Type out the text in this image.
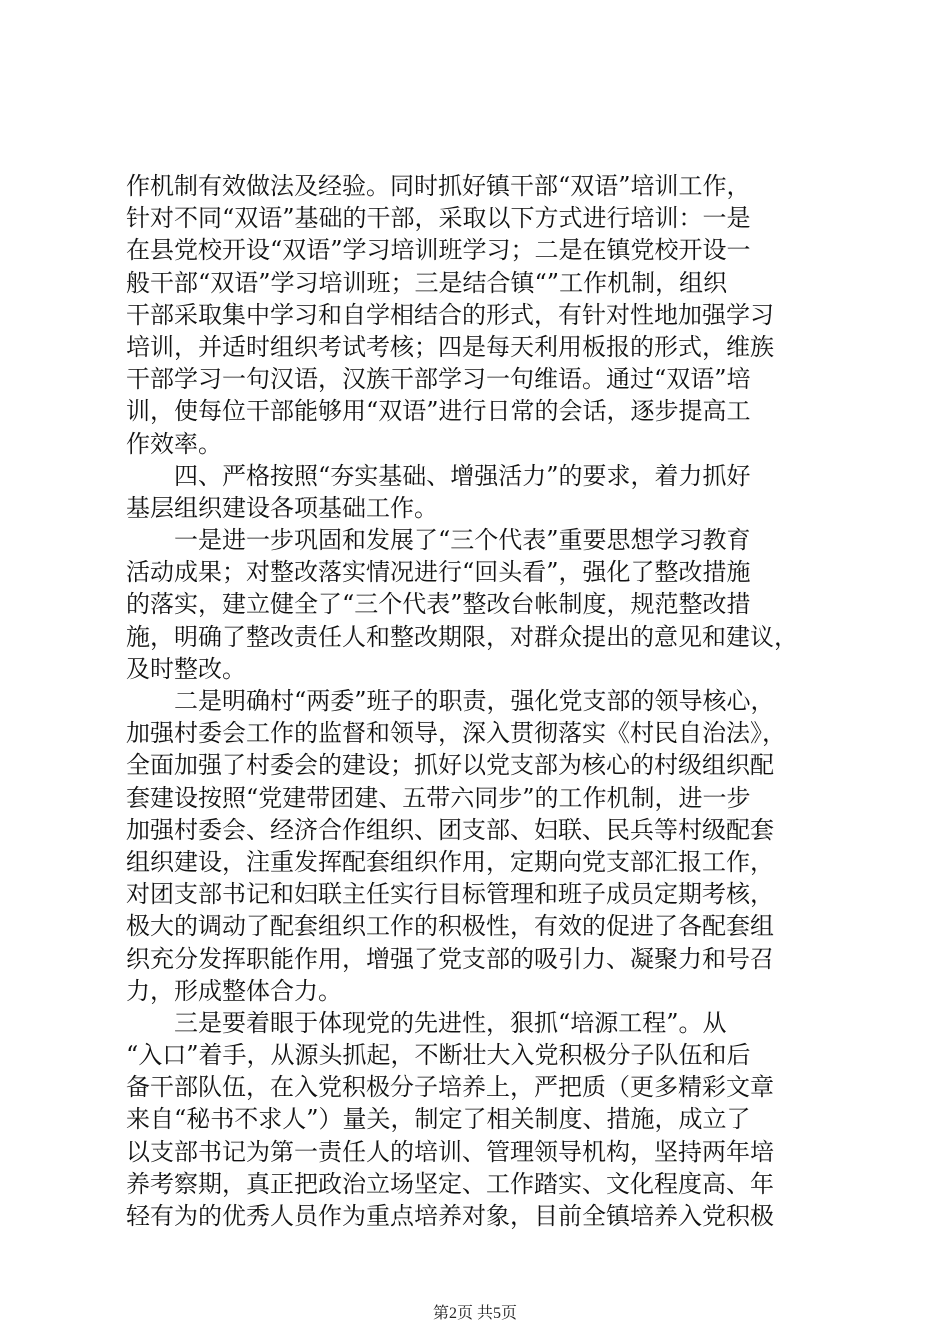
作机制有效做法及经验。同时抓好镇干部“双语”培训工作，
针对不同“双语”基础的干部，采取以下方式进行培训：一是
在县党校开设“双语”学习培训班学习；二是在镇党校开设一
般干部“双语”学习培训班；三是结合镇“”工作机制，组织
干部采取集中学习和自学相结合的形式，有针对性地加强学习
培训，并适时组织考试考核；四是每天利用板报的形式，维族
干部学习一句汉语，汉族干部学习一句维语。通过“双语”培
训，使每位干部能够用“双语”进行日常的会话，逐步提高工
作效率。
　　四、严格按照“夯实基础、增强活力”的要求，着力抓好
基层组织建设各项基础工作。
　　一是进一步巩固和发展了“三个代表”重要思想学习教育
活动成果；对整改落实情况进行“回头看”，强化了整改措施
的落实，建立健全了“三个代表”整改台帐制度，规范整改措
施，明确了整改责任人和整改期限，对群众提出的意见和建议，
及时整改。
　　二是明确村“两委”班子的职责，强化党支部的领导核心，
加强村委会工作的监督和领导，深入贯彻落实《村民自治法》，
全面加强了村委会的建设；抓好以党支部为核心的村级组织配
套建设按照“党建带团建、五带六同步”的工作机制，进一步
加强村委会、经济合作组织、团支部、妇联、民兵等村级配套
组织建设，注重发挥配套组织作用，定期向党支部汇报工作，
对团支部书记和妇联主任实行目标管理和班子成员定期考核，
极大的调动了配套组织工作的积极性，有效的促进了各配套组
织充分发挥职能作用，增强了党支部的吸引力、凝聚力和号召
力，形成整体合力。
　　三是要着眼于体现党的先进性，狠抓“培源工程”。从
“入口”着手，从源头抓起，不断壮大入党积极分子队伍和后
备干部队伍，在入党积极分子培养上，严把质（更多精彩文章
来自“秘书不求人”）量关，制定了相关制度、措施，成立了
以支部书记为第一责任人的培训、管理领导机构，坚持两年培
养考察期，真正把政治立场坚定、工作踏实、文化程度高、年
轻有为的优秀人员作为重点培养对象，目前全镇培养入党积极
第2页 共5页
